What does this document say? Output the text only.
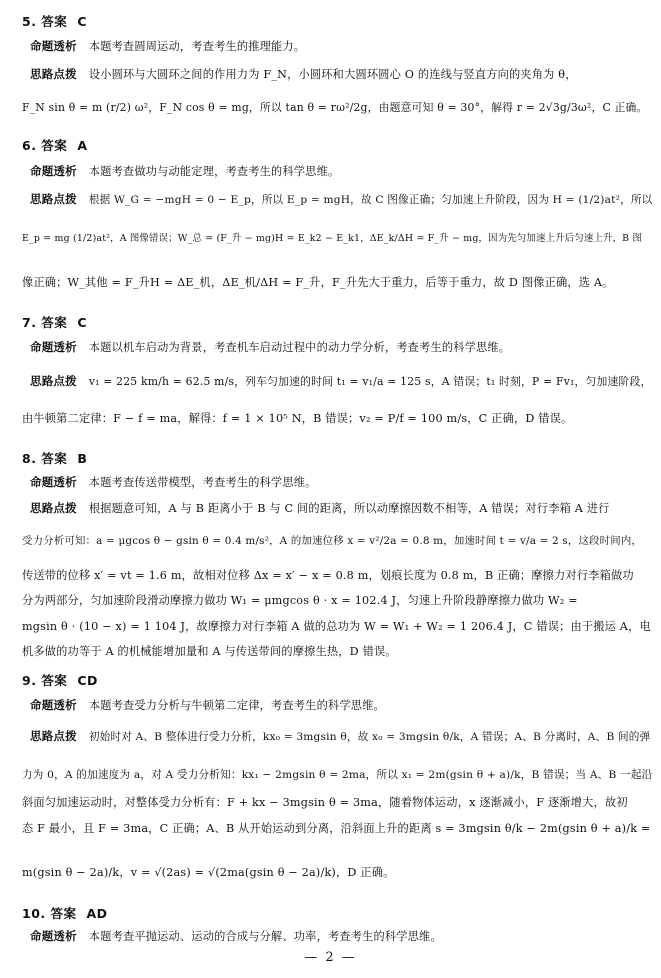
5. 答案 C
命题透析 本题考查圆周运动，考查考生的推理能力。
思路点拨 设小圆环与大圆环之间的作用力为 F_N，小圆环和大圆环圆心 O 的连线与竖直方向的夹角为 θ，
F_N sin θ = m (r/2) ω²，F_N cos θ = mg，所以 tan θ = rω²/2g，由题意可知 θ = 30°，解得 r = 2√3g/3ω²，C 正确。
6. 答案 A
命题透析 本题考查做功与动能定理，考查考生的科学思维。
思路点拨 根据 W_G = −mgH = 0 − E_p，所以 E_p = mgH，故 C 图像正确；匀加速上升阶段，因为 H = (1/2)at²，所以
E_p = mg (1/2)at²，A 图像错误；W_总 = (F_升 − mg)H = E_k2 − E_k1，ΔE_k/ΔH = F_升 − mg，因为先匀加速上升后匀速上升，B 图
像正确；W_其他 = F_升H = ΔE_机，ΔE_机/ΔH = F_升，F_升先大于重力，后等于重力，故 D 图像正确，选 A。
7. 答案 C
命题透析 本题以机车启动为背景，考查机车启动过程中的动力学分析，考查考生的科学思维。
思路点拨 v₁ = 225 km/h = 62.5 m/s，列车匀加速的时间 t₁ = v₁/a = 125 s，A 错误；t₁ 时刻，P = Fv₁，匀加速阶段，
由牛顿第二定律：F − f = ma，解得：f = 1 × 10⁵ N，B 错误；v₂ = P/f = 100 m/s，C 正确，D 错误。
8. 答案 B
命题透析 本题考查传送带模型，考查考生的科学思维。
思路点拨 根据题意可知，A 与 B 距离小于 B 与 C 间的距离，所以动摩擦因数不相等，A 错误；对行李箱 A 进行
受力分析可知：a = μgcos θ − gsin θ = 0.4 m/s²，A 的加速位移 x = v²/2a = 0.8 m，加速时间 t = v/a = 2 s，这段时间内，
传送带的位移 x′ = vt = 1.6 m，故相对位移 Δx = x′ − x = 0.8 m，划痕长度为 0.8 m，B 正确；摩擦力对行李箱做功
分为两部分，匀加速阶段滑动摩擦力做功 W₁ = μmgcos θ · x = 102.4 J，匀速上升阶段静摩擦力做功 W₂ =
mgsin θ · (10 − x) = 1 104 J，故摩擦力对行李箱 A 做的总功为 W = W₁ + W₂ = 1 206.4 J，C 错误；由于搬运 A，电
机多做的功等于 A 的机械能增加量和 A 与传送带间的摩擦生热，D 错误。
9. 答案 CD
命题透析 本题考查受力分析与牛顿第二定律，考查考生的科学思维。
思路点拨 初始时对 A、B 整体进行受力分析，kx₀ = 3mgsin θ，故 x₀ = 3mgsin θ/k，A 错误；A、B 分离时，A、B 间的弹
力为 0，A 的加速度为 a，对 A 受力分析知：kx₁ − 2mgsin θ = 2ma，所以 x₁ = 2m(gsin θ + a)/k，B 错误；当 A、B 一起沿
斜面匀加速运动时，对整体受力分析有：F + kx − 3mgsin θ = 3ma，随着物体运动，x 逐渐减小，F 逐渐增大，故初
态 F 最小，且 F = 3ma，C 正确；A、B 从开始运动到分离，沿斜面上升的距离 s = 3mgsin θ/k − 2m(gsin θ + a)/k =
m(gsin θ − 2a)/k，v = √(2as) = √(2ma(gsin θ − 2a)/k)，D 正确。
10. 答案 AD
命题透析 本题考查平抛运动、运动的合成与分解、功率，考查考生的科学思维。
— 2 —
